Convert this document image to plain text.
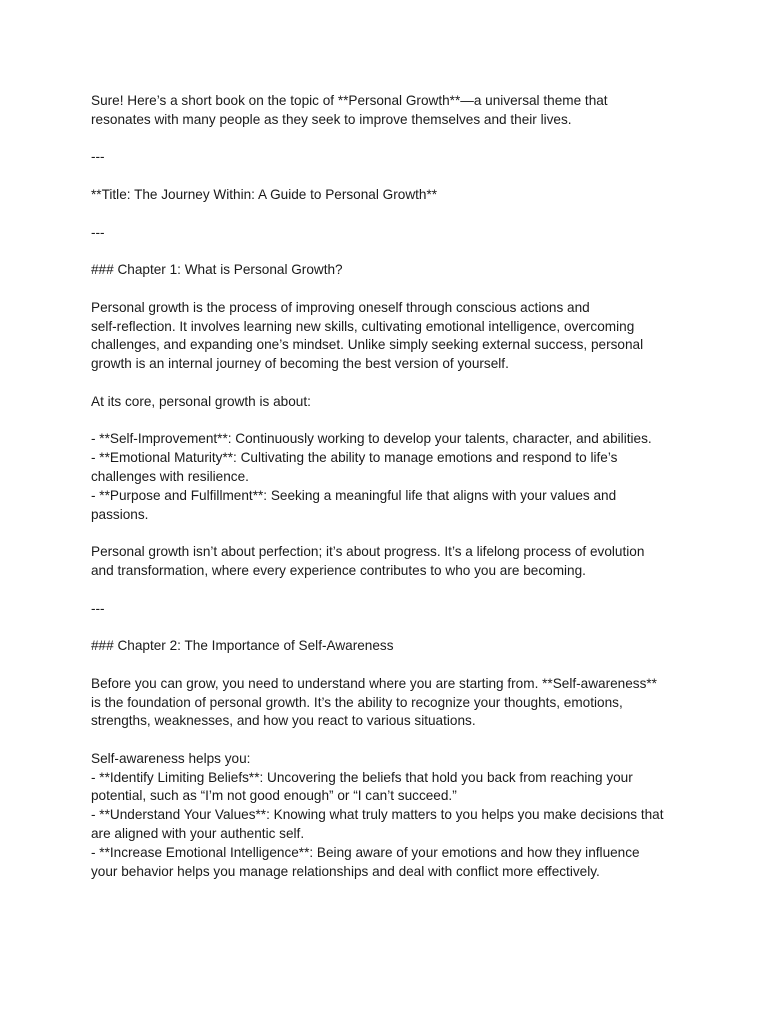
Sure! Here’s a short book on the topic of **Personal Growth**—a universal theme that
resonates with many people as they seek to improve themselves and their lives.
---
**Title: The Journey Within: A Guide to Personal Growth**
---
### Chapter 1: What is Personal Growth?
Personal growth is the process of improving oneself through conscious actions and
self-reflection. It involves learning new skills, cultivating emotional intelligence, overcoming
challenges, and expanding one’s mindset. Unlike simply seeking external success, personal
growth is an internal journey of becoming the best version of yourself.
At its core, personal growth is about:
- **Self-Improvement**: Continuously working to develop your talents, character, and abilities.
- **Emotional Maturity**: Cultivating the ability to manage emotions and respond to life’s
challenges with resilience.
- **Purpose and Fulfillment**: Seeking a meaningful life that aligns with your values and
passions.
Personal growth isn’t about perfection; it’s about progress. It’s a lifelong process of evolution
and transformation, where every experience contributes to who you are becoming.
---
### Chapter 2: The Importance of Self-Awareness
Before you can grow, you need to understand where you are starting from. **Self-awareness**
is the foundation of personal growth. It’s the ability to recognize your thoughts, emotions,
strengths, weaknesses, and how you react to various situations.
Self-awareness helps you:
- **Identify Limiting Beliefs**: Uncovering the beliefs that hold you back from reaching your
potential, such as “I’m not good enough” or “I can’t succeed.”
- **Understand Your Values**: Knowing what truly matters to you helps you make decisions that
are aligned with your authentic self.
- **Increase Emotional Intelligence**: Being aware of your emotions and how they influence
your behavior helps you manage relationships and deal with conflict more effectively.
